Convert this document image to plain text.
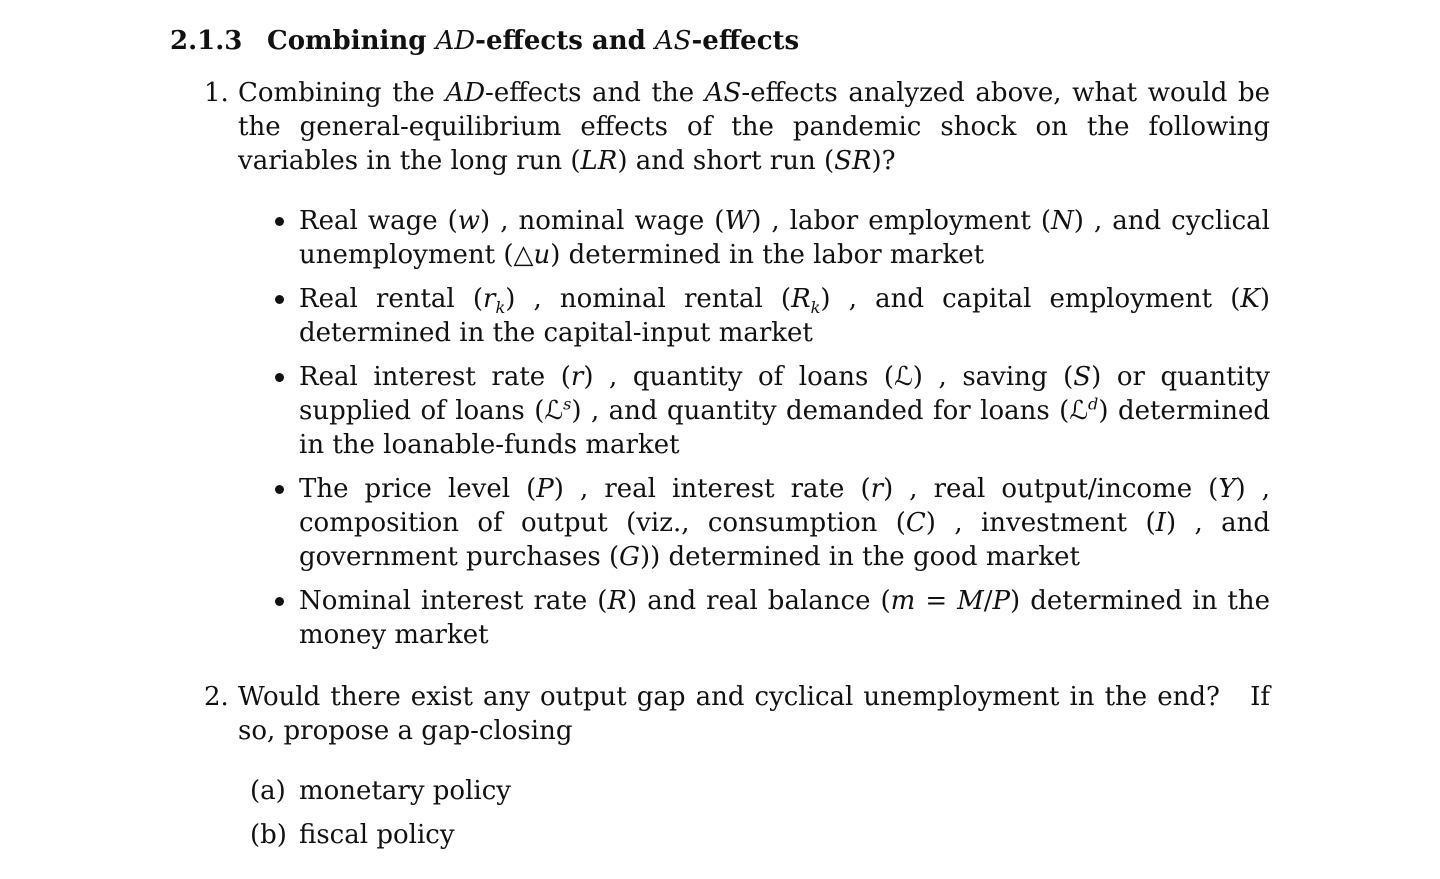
2.1.3 Combining AD-effects and AS-effects
1. Combining the AD-effects and the AS-effects analyzed above, what would be the general-equilibrium effects of the pandemic shock on the following variables in the long run (LR) and short run (SR)?

Real wage (w) , nominal wage (W) , labor employment (N) , and cyclical unemployment (△u) determined in the labor market

Real rental $(r_k)$ , nominal rental $(R_k)$ , and capital employment (K) determined in the capital-input market

Real interest rate (r) , quantity of loans (ℒ) , saving (S) or quantity supplied of loans (ℒ$^s$) , and quantity demanded for loans (ℒ$^d$) determined in the loanable-funds market

The price level (P) , real interest rate (r) , real output/income (Y) , composition of output (viz., consumption (C) , investment (I) , and government purchases (G)) determined in the good market

Nominal interest rate (R) and real balance (m = M/P) determined in the money market

2. Would there exist any output gap and cyclical unemployment in the end?   If so, propose a gap-closing

(a) monetary policy

(b) fiscal policy
